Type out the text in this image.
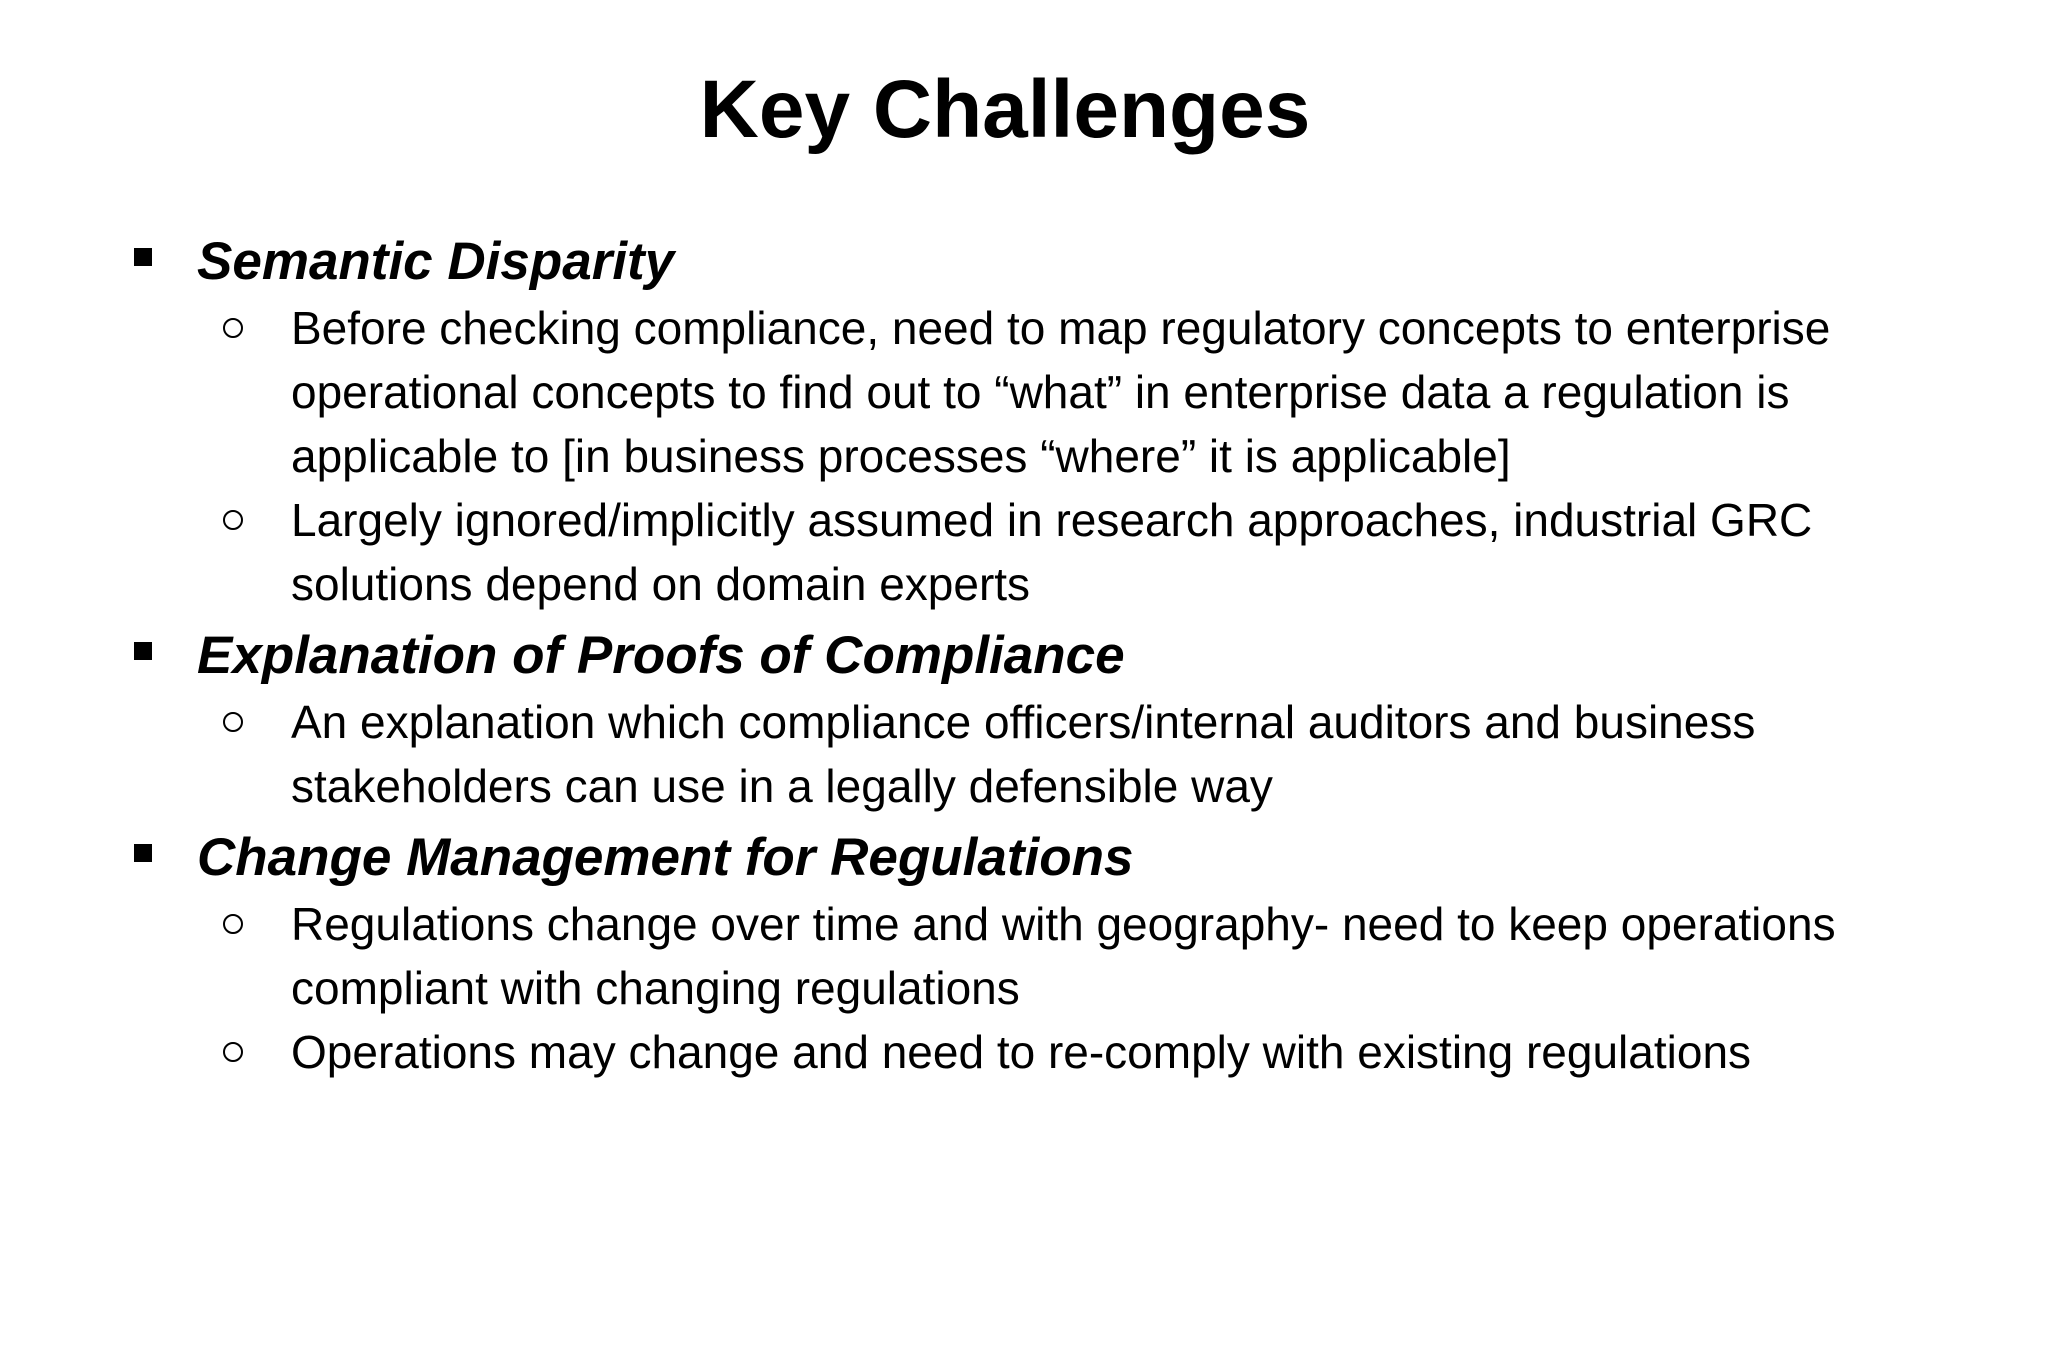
Key Challenges
Semantic Disparity
Before checking compliance, need to map regulatory concepts to enterprise operational concepts to find out to “what” in enterprise data a regulation is applicable to [in business processes “where” it is applicable]
Largely ignored/implicitly assumed in research approaches, industrial GRC solutions depend on domain experts
Explanation of Proofs of Compliance
An explanation which compliance officers/internal auditors and business stakeholders can use in a legally defensible way
Change Management for Regulations
Regulations change over time and with geography- need to keep operations compliant with changing regulations
Operations may change and need to re-comply with existing regulations
